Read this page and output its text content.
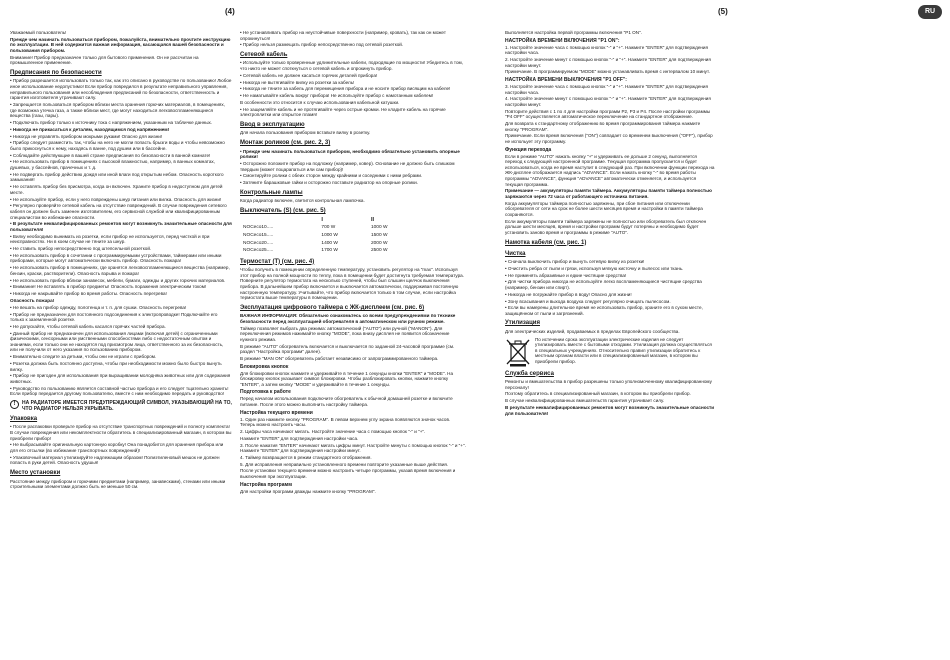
(4)

Уважаемый пользователь!

Прежде чем начинать пользоваться прибором, пожалуйста, внимательно прочтите инструкцию по эксплуатации. В ней содержится важная информация, касающаяся вашей безопасности и пользования прибором.

Внимание! Прибор предназначен только для бытового применения. Он не рассчитан на промышленное применение.

Предписания по безопасности

• Прибор разрешается использовать только так, как это описано в руководстве по пользованию! Любое иное использование недопустимо! Если прибор повредился в результате неправильного управления, неправильного пользования или несоблюдения предписаний по безопасности, ответственность и гарантия изготовителя утрачивают силу.

• Запрещается пользоваться прибором вблизи места хранения горючих материалов, в помещениях, где возможна утечка газа, а также вблизи мест, где могут находиться легковоспламеняющиеся вещества (газы, пары).

• Подключать прибор только к источнику тока с напряжением, указанным на табличке данных.

• Никогда не прикасаться к деталям, находящимся под напряжением!

• Никогда не управлять прибором мокрыми руками! Опасно для жизни!

• Прибор следует разместить так, чтобы на него не могли попасть брызги воды и чтобы невозможно было прикоснуться к нему, находясь в ванне, под душем или в бассейне.

• Соблюдайте действующие в вашей стране предписания по безопасности в ванной комнате!

• Не использовать прибор в помещениях с высокой влажностью, например, в ванных комнатах, душевых, у бассейнов, прачечных и т. д.

• Не подвергать прибор действию дождя или иной влаги под открытым небом. Опасность короткого замыкания!

• Не оставлять прибор без присмотра, когда он включен. Храните прибор в недоступном для детей месте.

• Не используйте прибор, если у него повреждены шнур питания или вилка. Опасность для жизни!

• Регулярно проверяйте сетевой кабель на отсутствие повреждений. В случае повреждения сетевого кабеля он должен быть заменен изготовителем, его сервисной службой или квалифицированным специалистом во избежание опасности.

• В результате неквалифицированных ремонтов могут возникнуть значительные опасности для пользователя!

• Вилку необходимо вынимать из розетки, если прибор не используется, перед чисткой и при неисправностях. Ни в коем случае не тяните за шнур.

• Не ставить прибор непосредственно под штепсельной розеткой.

• Не использовать прибор в сочетании с программируемыми устройствами, таймерами или иными приборами, которые могут автоматически включать прибор. Опасность пожара!

• Не использовать прибор в помещениях, где хранятся легковоспламеняющиеся вещества (например, бензин, краски, растворители). Опасность взрыва и пожара!

• Не использовать прибор вблизи занавесок, мебели, бумаги, одежды и других горючих материалов.

• Внимание! Не вставлять в прибор предметы! Опасность поражения электрическим током!

• Никогда не накрывайте прибор во время работы. Опасность перегрева!

Опасность пожара!

• Не вешать на прибор одежду, полотенца и т. п. для сушки. Опасность перегрева!

• Прибор не предназначен для постоянного подсоединения к электропроводке! Подключайте его только к заземленной розетке.

• Не допускайте, чтобы сетевой кабель касался горячих частей прибора.

• Данный прибор не предназначен для использования лицами (включая детей) с ограниченными физическими, сенсорными или умственными способностями либо с недостаточным опытом и знаниями, если только они не находятся под присмотром лица, ответственного за их безопасность, или не получили от него указания по пользованию прибором.

• Внимательно следите за детьми, чтобы они не играли с прибором.

• Розетка должна быть постоянно доступна, чтобы при необходимости можно было быстро вынуть вилку.

• Прибор не пригоден для использования при выращивании молодняка животных или для содержания животных.

• Руководство по пользованию является составной частью прибора и его следует тщательно хранить! Если прибор передается другому пользователю, вместе с ним необходимо передать и руководство!

!	НА РАДИАТОРЕ ИМЕЕТСЯ ПРЕДУПРЕЖДАЮЩИЙ СИМВОЛ, УКАЗЫВАЮЩИЙ НА ТО, ЧТО РАДИАТОР НЕЛЬЗЯ УКРЫВАТЬ.
Упаковка

• После распаковки проверьте прибор на отсутствие транспортных повреждений и полноту комплекта! В случае повреждения или некомплектности обратитесь в специализированный магазин, в котором вы приобрели прибор!

• Не выбрасывайте оригинальную картонную коробку! Она понадобится для хранения прибора или для его отсылки (во избежание транспортных повреждений)!

• Упаковочный материал утилизируйте надлежащим образом! Полиэтиленовый мешок не должен попасть в руки детей. Опасность удушья!

Место установки

Расстояние между прибором и горючими предметами (например, занавесками), стенами или иными строительными элементами должно быть не меньше 50 см.

• Не устанавливать прибор на неустойчивые поверхности (например, кровать), так как он может опрокинуться!

• Прибор нельзя размещать прибор непосредственно под сетевой розеткой.

Сетевой кабель

• Используйте только проверенные удлинительные кабели, подходящие по мощности! Убедитесь в том, что никто не может споткнуться о сетевой кабель и опрокинуть прибор.

• Сетевой кабель не должен касаться горячих деталей прибора!

• Никогда не вытягивайте вилку из розетки за кабель!

• Никогда не тяните за кабель для перемещения прибора и не носите прибор висящим на кабеле!

• Не наматывайте кабель вокруг прибора! Не используйте прибор с намотанным кабелем!

В особенности это относится к случаю использования кабельной катушки.

• Не защемляйте кабель и не протягивайте через острые кромки. Не кладите кабель на горячие электроплитки или открытое пламя!

Ввод в эксплуатацию

Для начала пользования прибором вставьте вилку в розетку.

Монтаж роликов (см. рис. 2, 3)

• Прежде чем начинать пользоваться прибором, необходимо обязательно установить опорные ролики!

• Осторожно положите прибор на подложку (например, ковер). Основание не должно быть слишком твердым (может поцарапаться или сам прибор)!

• Смонтируйте ролики с обеих сторон между крайними и соседними с ними ребрами.

• Затяните барашковые гайки и осторожно поставьте радиатор на опорные ролики.

Контрольные лампы

Когда радиатор включен, светится контрольная лампочка.

Выключатель (S) (см. рис. 5)
	I	II
NOCeco10.....	700 W	1000 W
NOCeco15.....	1000 W	1500 W
NOCeco20.....	1400 W	2000 W
NOCeco25.....	1700 W	2500 W
Термостат (Т) (см. рис. 4)

Чтобы получить в помещении определенную температуру, установить регулятор на "max". Используя этот прибор на полной мощности по теплу, пока в помещении будет достигнута требуемая температура. Поверните регулятор термостата на несколько ступеней, чтобы был слышен щелчок выключения прибора. В дальнейшем прибор включается и выключается автоматически, поддерживая постоянную настроенную температуру. Учитывайте, что прибор включается только в том случае, если настройка термостата выше температуры в помещении.

Эксплуатация цифрового таймера с ЖК-дисплеем (см. рис. 6)

ВАЖНАЯ ИНФОРМАЦИЯ: Обязательно ознакомьтесь со всеми предупреждениями по технике безопасности перед эксплуатацией обогревателя в автоматическом или ручном режиме.

Таймер позволяет выбрать два режима: автоматический ("AUTO") или ручной ("MANON"). Для переключения режимов нажимайте кнопку "MODE", пока внизу дисплея не появится обозначение нужного режима.

В режиме "AUTO" обогреватель включается и выключается по заданной 24-часовой программе (см. раздел "Настройка программ" далее).

В режиме "MAN ON" обогреватель работает независимо от запрограммированного таймера.

Блокировка кнопок

Для блокировки кнопок нажмите и удерживайте в течение 1 секунды кнопки "ENTER" и "MODE". На блокировку кнопок указывает символ блокировки. Чтобы разблокировать кнопки, нажмите кнопку "ENTER", а затем кнопку "MODE" и удерживайте в течение 1 секунды.

Подготовка к работе

Перед началом использования подключите обогреватель к обычной домашней розетке и включите питание. После этого можно выполнить настройку таймера.

Настройка текущего времени

1. Один раз нажмите кнопку "PROGRAM". В левом верхнем углу экрана появляются значок часов. Теперь можно настроить часы.

2. Цифры часа начинают мигать. Настройте значение часа с помощью кнопок "-" и "+".

Нажмите "ENTER" для подтверждения настройки часа.

3. После нажатия "ENTER" начинают мигать цифры минут. Настройте минуты с помощью кнопок "-" и "+". Нажмите "ENTER" для подтверждения настройки минут.

4. Таймер возвращается в режим стандартного отображения.

5. Для исправления неправильно установленного времени повторите указанные выше действия.

После установки текущего времени можно настроить четыре программы, указав время включения и выключения при эксплуатации.

Настройка программ

Для настройки программ дважды нажмите кнопку "PROGRAM".

(5)	RU

Выполняется настройка первой программы включения "P1 ON".

НАСТРОЙКА ВРЕМЕНИ ВКЛЮЧЕНИЯ "P1 ON":

1. Настройте значение часа с помощью кнопок "-" и "+". Нажмите "ENTER" для подтверждения настройки часа.

2. Настройте значение минут с помощью кнопок "-" и "+". Нажмите "ENTER" для подтверждения настройки минут.

Примечание. В программируемом "MODE" можно устанавливать время с интервалом 10 минут.

НАСТРОЙКА ВРЕМЕНИ ВЫКЛЮЧЕНИЯ "P1 OFF":

3. Настройте значение часа с помощью кнопок "-" и "+". Нажмите "ENTER" для подтверждения настройки часа.

4. Настройте значение минут с помощью кнопок "-" и "+". Нажмите "ENTER" для подтверждения настройки минут.

Повторите действия с 1 по 4 для настройки программ P2, P3 и P4. После настройки программы "P4 OFF" осуществляется автоматическое переключение на стандартное отображение.

Для возврата к стандартному отображению во время программирования таймера нажмите кнопку "PROGRAM".

Примечание. Если время включения ("ON") совпадает со временем выключения ("OFF"), прибор не испольует эту программу.

Функция перехода

Если в режиме "AUTO" нажать кнопку "+" и удерживать ее дольше 2 секунд, выполняется переход к следующей настроенной программе. Текущая программа пропускается и будет использоваться, когда ее время наступит в следующий раз. При включении функции перехода на ЖК-дисплее отображается надпись "ADVANCE". Если нажать кнопку "-" во время работы программы "ADVANCE", функция "ADVANCE" автоматически отменяется, и используется текущая программа.

Примечание — аккумуляторы памяти таймера. Аккумуляторы памяти таймера полностью заряжаются через 72 часа от работающего источника питания.

Когда аккумуляторы таймера полностью заряжены, при сбое питания или отключении обогревателя от сети на срок не более шести месяцев время и настройки в памяти таймера сохраняются.

Если аккумуляторы памяти таймера заряжены не полностью или обогреватель был отключен дольше шести месяцев, время и настройки программ будут потеряны и необходимо будет установить заново время и программы в режиме "AUTO".

Намотка кабеля (см. рис. 1)
Чистка

• Сначала выключить прибор и вынуть сетевую вилку из розетки!

• Очистить ребра от пыли и грязи, используя мягкую кисточку и пылесос или ткань.

• Не применять абразивные и едкие чистящие средства!

• Для чистки прибора никогда не используйте легко воспламеняющиеся чистящие средства (например, бензин или спирт).

• Никогда не погружайте прибор в воду! Опасно для жизни!

• Зону всасывания и выхода воздуха следует регулярно очищать пылесосом.

• Если вы намерены длительное время не использовать прибор, храните его в сухом месте, защищённом от пыли и загрязнений.

Утилизация

Для электрических изделий, продаваемых в пределах Европейского сообщества.

По истечении срока эксплуатации электрические изделия не следует утилизировать вместе с бытовыми отходами. Утилизация должна осуществляться в специальных учреждениях. Относительно правил утилизации обратитесь к местным органам власти или в специализированный магазин, в котором вы приобрели прибор.

Служба сервиса

Ремонты и вмешательства в прибор разрешены только уполномоченному квалифицированному персоналу!

Поэтому обратитесь в специализированный магазин, в котором вы приобрели прибор.

В случае неквалифицированных вмешательств гарантия утрачивает силу.

В результате неквалифицированных ремонтов могут возникнуть значительные опасности для пользователя!
